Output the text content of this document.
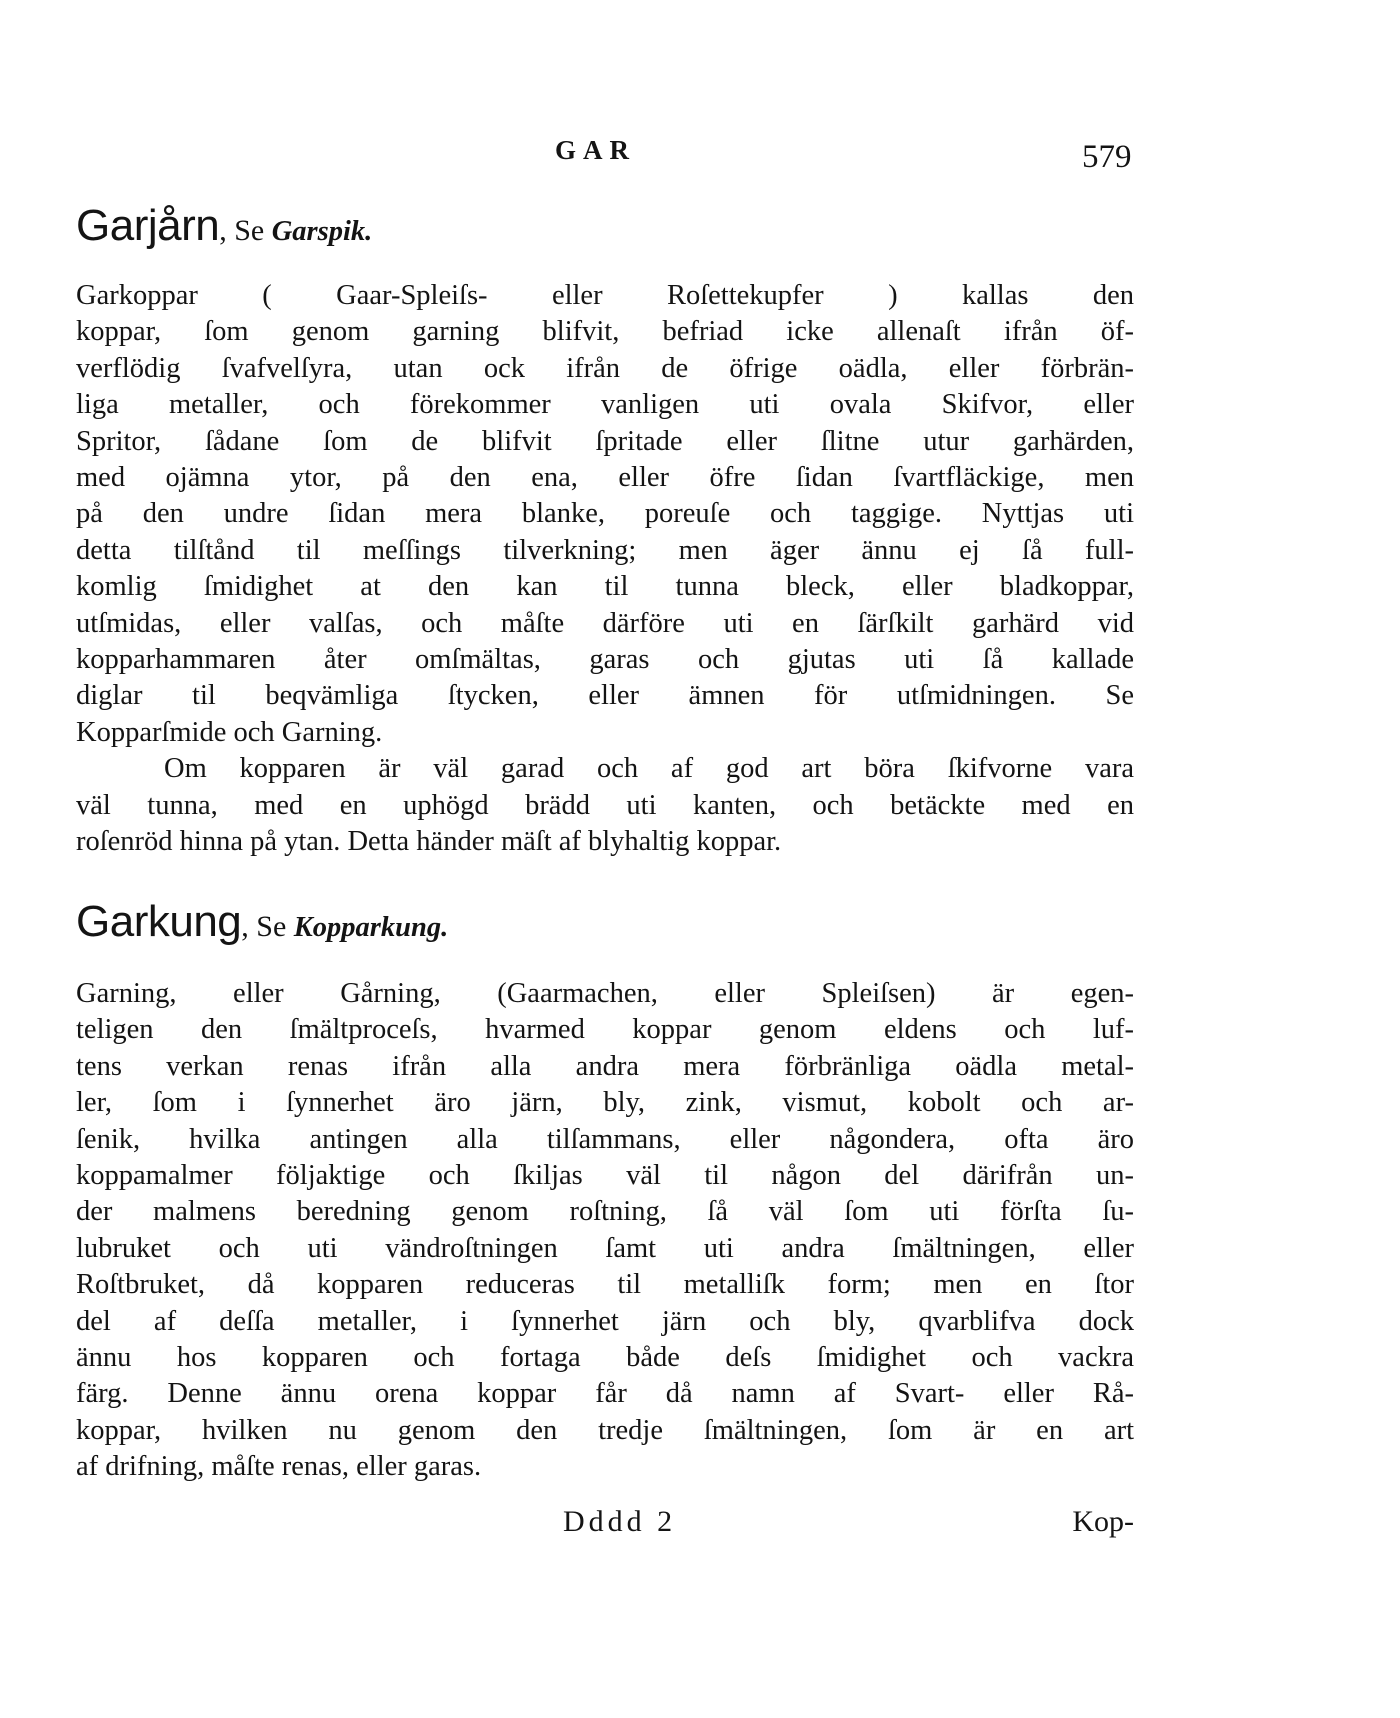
GAR	579
Garjårn, Se Garspik.
Garkoppar ( Gaar-Spleiſs- eller Roſettekupfer ) kallas den
koppar, ſom genom garning blifvit, befriad icke allenaſt ifrån öf-
verflödig ſvafvelſyra, utan ock ifrån de öfrige oädla, eller förbrän-
liga metaller, och förekommer vanligen uti ovala Skifvor, eller
Spritor, ſådane ſom de blifvit ſpritade eller ſlitne utur garhärden,
med ojämna ytor, på den ena, eller öfre ſidan ſvartfläckige, men
på den undre ſidan mera blanke, poreuſe och taggige. Nyttjas uti
detta tilſtånd til meſſings tilverkning; men äger ännu ej ſå full-
komlig ſmidighet at den kan til tunna bleck, eller bladkoppar,
utſmidas, eller valſas, och måſte därföre uti en ſärſkilt garhärd vid
kopparhammaren åter omſmältas, garas och gjutas uti ſå kallade
diglar til beqvämliga ſtycken, eller ämnen för utſmidningen. Se
Kopparſmide och Garning.
Om kopparen är väl garad och af god art böra ſkifvorne vara
väl tunna, med en uphögd brädd uti kanten, och betäckte med en
roſenröd hinna på ytan. Detta händer mäſt af blyhaltig koppar.
Garkung, Se Kopparkung.
Garning, eller Gårning, (Gaarmachen, eller Spleiſsen) är egen-
teligen den ſmältproceſs, hvarmed koppar genom eldens och luf-
tens verkan renas ifrån alla andra mera förbränliga oädla metal-
ler, ſom i ſynnerhet äro järn, bly, zink, vismut, kobolt och ar-
ſenik, hvilka antingen alla tilſammans, eller någondera, ofta äro
koppamalmer följaktige och ſkiljas väl til någon del därifrån un-
der malmens beredning genom roſtning, ſå väl ſom uti förſta ſu-
lubruket och uti vändroſtningen ſamt uti andra ſmältningen, eller
Roſtbruket, då kopparen reduceras til metalliſk form; men en ſtor
del af deſſa metaller, i ſynnerhet järn och bly, qvarblifva dock
ännu hos kopparen och fortaga både deſs ſmidighet och vackra
färg. Denne ännu orena koppar får då namn af Svart- eller Rå-
koppar, hvilken nu genom den tredje ſmältningen, ſom är en art
af drifning, måſte renas, eller garas.
Dddd 2	Kop-
